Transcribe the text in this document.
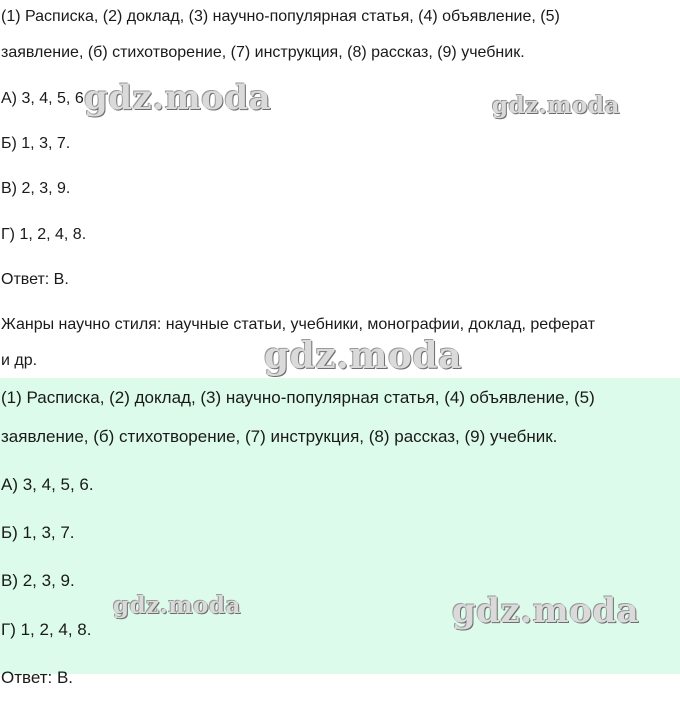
(1) Расписка, (2) доклад, (3) научно-популярная статья, (4) объявление, (5)
заявление, (б) стихотворение, (7) инструкция, (8) рассказ, (9) учебник.
А) 3, 4, 5, 6.
Б) 1, 3, 7.
В) 2, 3, 9.
Г) 1, 2, 4, 8.
Ответ: В.
Жанры научно стиля: научные статьи, учебники, монографии, доклад, реферат
и др.
(1) Расписка, (2) доклад, (3) научно-популярная статья, (4) объявление, (5)
заявление, (б) стихотворение, (7) инструкция, (8) рассказ, (9) учебник.
А) 3, 4, 5, 6.
Б) 1, 3, 7.
В) 2, 3, 9.
Г) 1, 2, 4, 8.
Ответ: В.
gdz.moda	gdz.moda
gdz.moda
gdz.moda	gdz.moda
